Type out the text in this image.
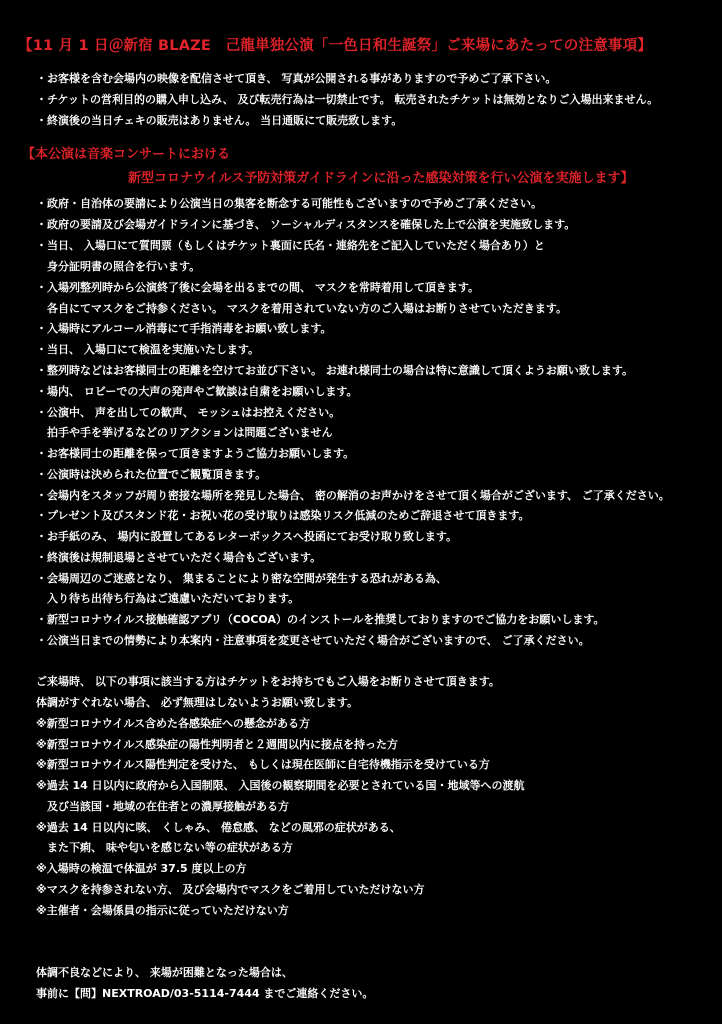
【11 月 1 日＠新宿 BLAZE　己龍単独公演「一色日和生誕祭」ご来場にあたっての注意事項】
・お客様を含む会場内の映像を配信させて頂き、 写真が公開される事がありますので予めご了承下さい。
・チケットの営利目的の購入申し込み、 及び転売行為は一切禁止です。 転売されたチケットは無効となりご入場出来ません。
・終演後の当日チェキの販売はありません。 当日通販にて販売致します。
【本公演は音楽コンサートにおける
新型コロナウイルス予防対策ガイドラインに沿った感染対策を行い公演を実施します】
・政府・自治体の要請により公演当日の集客を断念する可能性もございますので予めご了承ください。
・政府の要請及び会場ガイドラインに基づき、 ソーシャルディスタンスを確保した上で公演を実施致します。
・当日、 入場口にて質問票（もしくはチケット裏面に氏名・連絡先をご記入していただく場合あり）と
　身分証明書の照合を行います。
・入場列整列時から公演終了後に会場を出るまでの間、 マスクを常時着用して頂きます。
　各自にてマスクをご持参ください。 マスクを着用されていない方のご入場はお断りさせていただきます。
・入場時にアルコール消毒にて手指消毒をお願い致します。
・当日、 入場口にて検温を実施いたします。
・整列時などはお客様同士の距離を空けてお並び下さい。 お連れ様同士の場合は特に意識して頂くようお願い致します。
・場内、 ロビーでの大声の発声やご歓談は自粛をお願いします。
・公演中、 声を出しての歓声、 モッシュはお控えください。
　拍手や手を挙げるなどのリアクションは問題ございません
・お客様同士の距離を保って頂きますようご協力お願いします。
・公演時は決められた位置でご観覧頂きます。
・会場内をスタッフが周り密接な場所を発見した場合、 密の解消のお声かけをさせて頂く場合がございます、 ご了承ください。
・プレゼント及びスタンド花・お祝い花の受け取りは感染リスク低減のためご辞退させて頂きます。
・お手紙のみ、 場内に設置してあるレターボックスへ投函にてお受け取り致します。
・終演後は規制退場とさせていただく場合もございます。
・会場周辺のご迷惑となり、 集まることにより密な空間が発生する恐れがある為、
　入り待ち出待ち行為はご遠慮いただいております。
・新型コロナウイルス接触確認アプリ（COCOA）のインストールを推奨しておりますのでご協力をお願いします。
・公演当日までの情勢により本案内・注意事項を変更させていただく場合がございますので、 ご了承ください。
ご来場時、 以下の事項に該当する方はチケットをお持ちでもご入場をお断りさせて頂きます。
体調がすぐれない場合、 必ず無理はしないようお願い致します。
※新型コロナウイルス含めた各感染症への懸念がある方
※新型コロナウイルス感染症の陽性判明者と２週間以内に接点を持った方
※新型コロナウイルス陽性判定を受けた、 もしくは現在医師に自宅待機指示を受けている方
※過去 14 日以内に政府から入国制限、 入国後の観察期間を必要とされている国・地域等への渡航
　及び当該国・地域の在住者との濃厚接触がある方
※過去 14 日以内に咳、 くしゃみ、 倦怠感、 などの風邪の症状がある、
　また下痢、 味や匂いを感じない等の症状がある方
※入場時の検温で体温が 37.5 度以上の方
※マスクを持参されない方、 及び会場内でマスクをご着用していただけない方
※主催者・会場係員の指示に従っていただけない方
体調不良などにより、 来場が困難となった場合は、
事前に【問】NEXTROAD/03-5114-7444 までご連絡ください。
